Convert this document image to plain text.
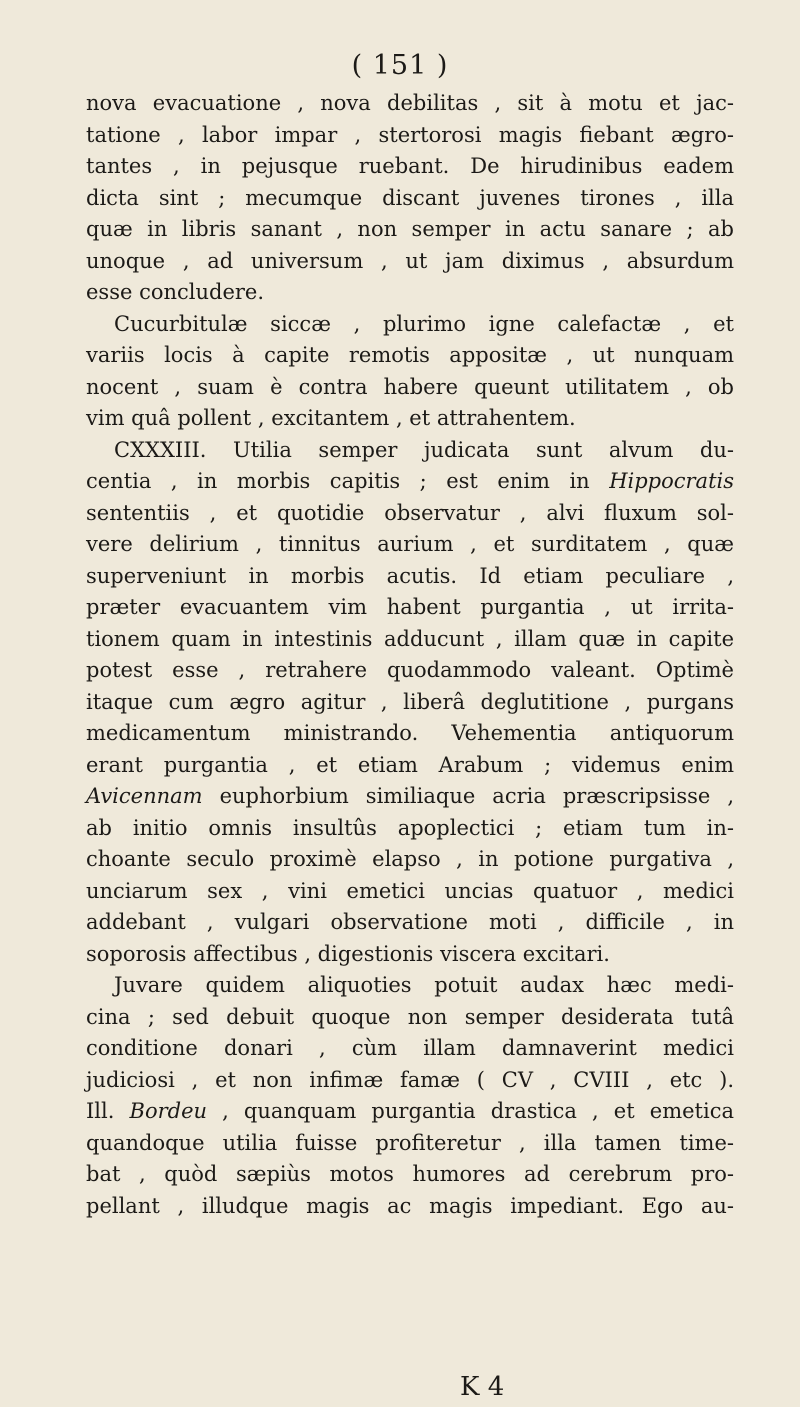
( 151 )
nova evacuatione , nova debilitas , sit à motu et jac-
tatione , labor impar , stertorosi magis fiebant ægro-
tantes , in pejusque ruebant. De hirudinibus eadem
dicta sint ; mecumque discant juvenes tirones , illa
quæ in libris sanant , non semper in actu sanare ; ab
unoque , ad universum , ut jam diximus , absurdum
esse concludere.
Cucurbitulæ siccæ , plurimo igne calefactæ , et
variis locis à capite remotis appositæ , ut nunquam
nocent , suam è contra habere queunt utilitatem , ob
vim quâ pollent , excitantem , et attrahentem.
CXXXIII. Utilia semper judicata sunt alvum du-
centia , in morbis capitis ; est enim in Hippocratis
sententiis , et quotidie observatur , alvi fluxum sol-
vere delirium , tinnitus aurium , et surditatem , quæ
superveniunt in morbis acutis. Id etiam peculiare ,
præter evacuantem vim habent purgantia , ut irrita-
tionem quam in intestinis adducunt , illam quæ in capite
potest esse , retrahere quodammodo valeant. Optimè
itaque cum ægro agitur , liberâ deglutitione , purgans
medicamentum ministrando. Vehementia antiquorum
erant purgantia , et etiam Arabum ; videmus enim
Avicennam euphorbium similiaque acria præscripsisse ,
ab initio omnis insultûs apoplectici ; etiam tum in-
choante seculo proximè elapso , in potione purgativa ,
unciarum sex , vini emetici uncias quatuor , medici
addebant , vulgari observatione moti , difficile , in
soporosis affectibus , digestionis viscera excitari.
Juvare quidem aliquoties potuit audax hæc medi-
cina ; sed debuit quoque non semper desiderata tutâ
conditione donari , cùm illam damnaverint medici
judiciosi , et non infimæ famæ ( CV , CVIII , etc ).
Ill. Bordeu , quanquam purgantia drastica , et emetica
quandoque utilia fuisse profiteretur , illa tamen time-
bat , quòd sæpiùs motos humores ad cerebrum pro-
pellant , illudque magis ac magis impediant. Ego au-
K 4
